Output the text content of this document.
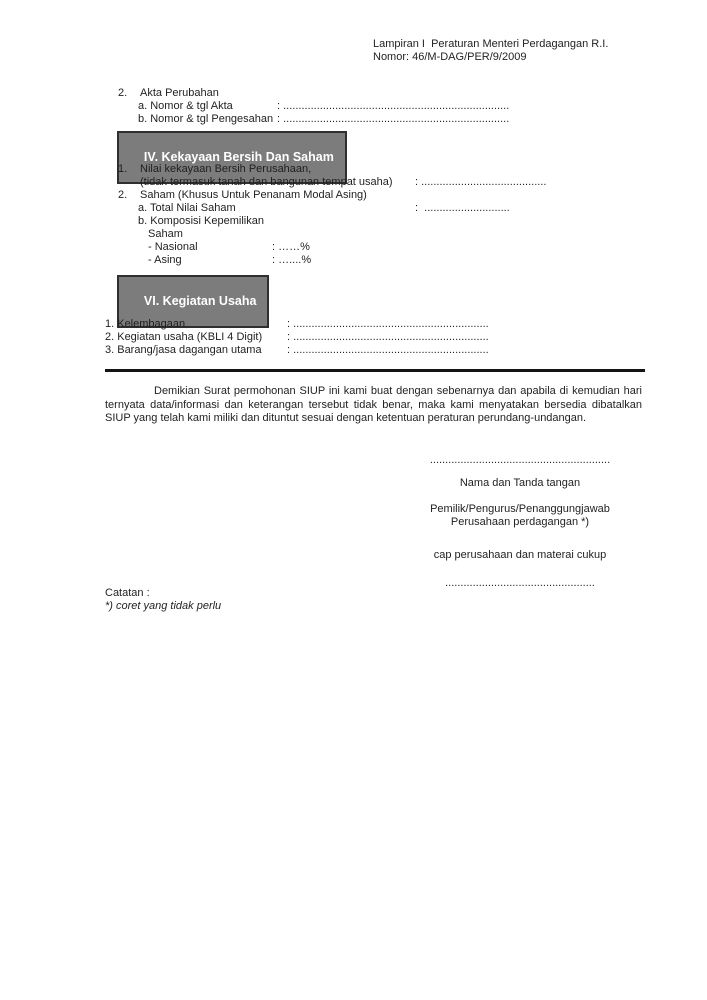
Lampiran I  Peraturan Menteri Perdagangan R.I.
Nomor: 46/M-DAG/PER/9/2009
2. Akta Perubahan
a. Nomor & tgl Akta	: ..........................................................................
b. Nomor & tgl Pengesahan : ..........................................................................

IV. Kekayaan Bersih Dan Saham

1. Nilai kekayaan Bersih Perusahaan,
(tidak termasuk tanah dan bangunan tempat usaha) : .........................................
2. Saham (Khusus Untuk Penanam Modal Asing)
a. Total Nilai Saham	:  ............................
b. Komposisi Kepemilikan
Saham
- Nasional	: ……%
- Asing	: …....%

VI. Kegiatan Usaha

1. Kelembagaan	: ................................................................
2. Kegiatan usaha (KBLI 4 Digit) : ................................................................
3. Barang/jasa dagangan utama : ................................................................
Demikian Surat permohonan SIUP ini kami buat dengan sebenarnya dan apabila di kemudian hari ternyata data/informasi dan keterangan tersebut tidak benar, maka kami menyatakan bersedia dibatalkan SIUP yang telah kami miliki dan dituntut sesuai dengan ketentuan peraturan perundang-undangan.
...........................................................
Nama dan Tanda tangan
Pemilik/Pengurus/Penanggungjawab
Perusahaan perdagangan *)
cap perusahaan dan materai cukup
.................................................
Catatan :
*) coret yang tidak perlu
